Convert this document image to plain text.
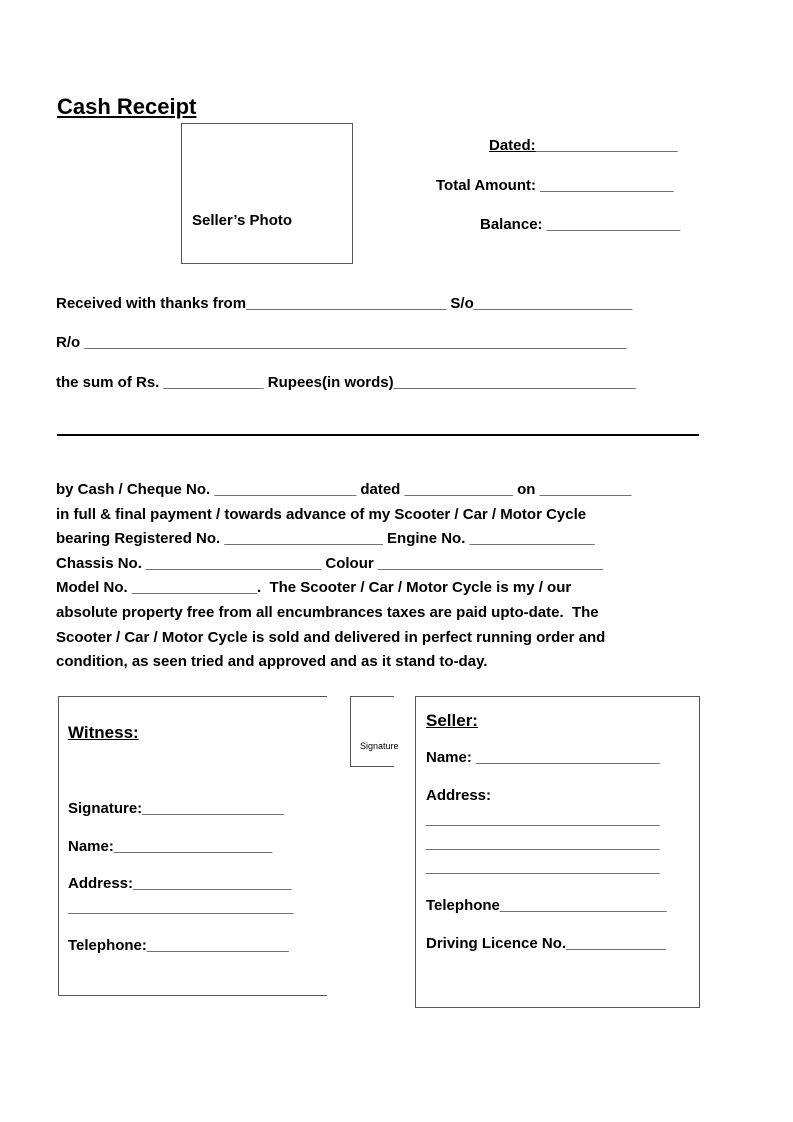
Cash Receipt
Seller’s Photo
Dated:_________________
Total Amount: ________________
Balance: ________________
Received with thanks from________________________ S/o___________________
R/o _________________________________________________________________
the sum of Rs. ____________ Rupees(in words)_____________________________
by Cash / Cheque No. _________________ dated _____________ on ___________
in full & final payment / towards advance of my Scooter / Car / Motor Cycle
bearing Registered No. ___________________ Engine No. _______________
Chassis No. _____________________ Colour ___________________________
Model No. _______________.  The Scooter / Car / Motor Cycle is my / our
absolute property free from all encumbrances taxes are paid upto-date.  The
Scooter / Car / Motor Cycle is sold and delivered in perfect running order and
condition, as seen tried and approved and as it stand to-day.
Witness:
Signature:_________________
Name:___________________
Address:___________________
___________________________
Telephone:_________________
Signature
Seller:
Name: ______________________
Address:
____________________________
____________________________
____________________________
Telephone____________________
Driving Licence No.____________
